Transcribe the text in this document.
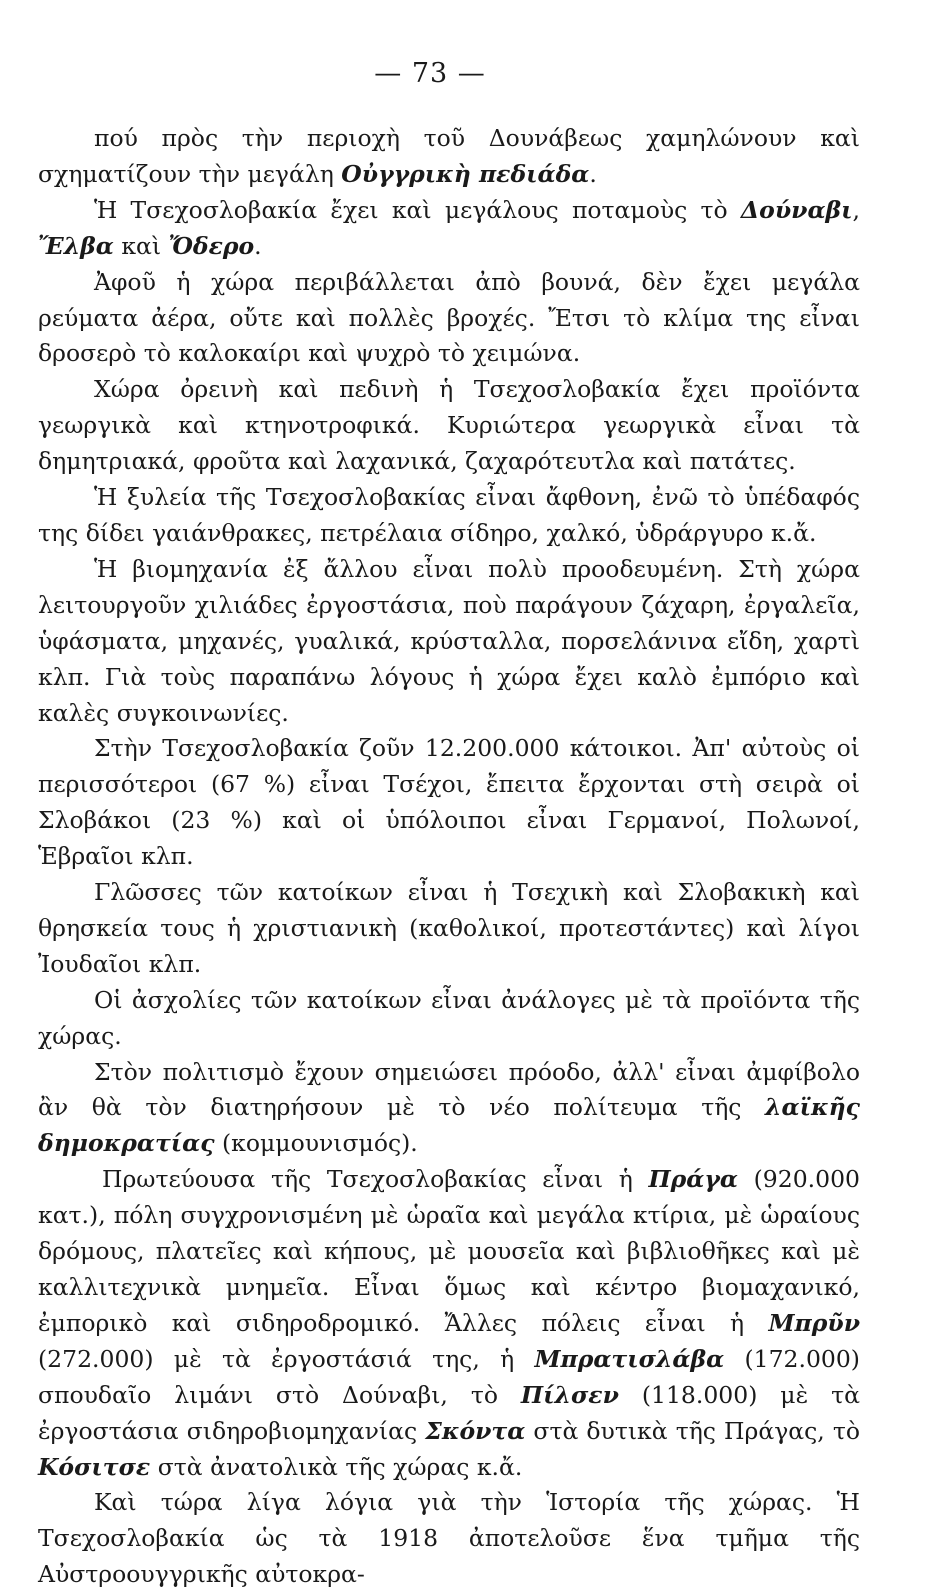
— 73 —

πού πρὸς τὴν περιοχὴ τοῦ Δουνάβεως χαμηλώνουν καὶ σχηματίζουν τὴν μεγάλη Οὐγγρικὴ πεδιάδα.

Ἡ Τσεχοσλοβακία ἔχει καὶ μεγάλους ποταμοὺς τὸ Δούναβι, Ἔλβα καὶ Ὄδερο.

Ἀφοῦ ἡ χώρα περιβάλλεται ἀπὸ βουνά, δὲν ἔχει μεγάλα ρεύματα ἀέρα, οὔτε καὶ πολλὲς βροχές. Ἔτσι τὸ κλίμα της εἶναι δροσερὸ τὸ καλοκαίρι καὶ ψυχρὸ τὸ χειμώνα.

Χώρα ὀρεινὴ καὶ πεδινὴ ἡ Τσεχοσλοβακία ἔχει προϊόντα γεωργικὰ καὶ κτηνοτροφικά. Κυριώτερα γεωργικὰ εἶναι τὰ δημητριακά, φροῦτα καὶ λαχανικά, ζαχαρότευτλα καὶ πατάτες.

Ἡ ξυλεία τῆς Τσεχοσλοβακίας εἶναι ἄφθονη, ἐνῶ τὸ ὑπέδαφός της δίδει γαιάνθρακες, πετρέλαια σίδηρο, χαλκό, ὑδράργυρο κ.ἄ.

Ἡ βιομηχανία ἐξ ἄλλου εἶναι πολὺ προοδευμένη. Στὴ χώρα λειτουργοῦν χιλιάδες ἐργοστάσια, ποὺ παράγουν ζάχαρη, ἐργαλεῖα, ὑφάσματα, μηχανές, γυαλικά, κρύσταλλα, πορσελάνινα εἴδη, χαρτὶ κλπ. Γιὰ τοὺς παραπάνω λόγους ἡ χώρα ἔχει καλὸ ἐμπόριο καὶ καλὲς συγκοινωνίες.

Στὴν Τσεχοσλοβακία ζοῦν 12.200.000 κάτοικοι. Ἀπ' αὐτοὺς οἱ περισσότεροι (67 %) εἶναι Τσέχοι, ἔπειτα ἔρχονται στὴ σειρὰ οἱ Σλοβάκοι (23 %) καὶ οἱ ὑπόλοιποι εἶναι Γερμανοί, Πολωνοί, Ἑβραῖοι κλπ.

Γλῶσσες τῶν κατοίκων εἶναι ἡ Τσεχικὴ καὶ Σλοβακικὴ καὶ θρησκεία τους ἡ χριστιανικὴ (καθολικοί, προτεστάντες) καὶ λίγοι Ἰουδαῖοι κλπ.

Οἱ ἀσχολίες τῶν κατοίκων εἶναι ἀνάλογες μὲ τὰ προϊόντα τῆς χώρας.

Στὸν πολιτισμὸ ἔχουν σημειώσει πρόοδο, ἀλλ' εἶναι ἀμφίβολο ἂν θὰ τὸν διατηρήσουν μὲ τὸ νέο πολίτευμα τῆς λαϊκῆς δημοκρατίας (κομμουνισμός).

Πρωτεύουσα τῆς Τσεχοσλοβακίας εἶναι ἡ Πράγα (920.000 κατ.), πόλη συγχρονισμένη μὲ ὡραῖα καὶ μεγάλα κτίρια, μὲ ὡραίους δρόμους, πλατεῖες καὶ κήπους, μὲ μουσεῖα καὶ βιβλιοθῆκες καὶ μὲ καλλιτεχνικὰ μνημεῖα. Εἶναι ὅμως καὶ κέντρο βιομαχανικό, ἐμπορικὸ καὶ σιδηροδρομικό. Ἄλλες πόλεις εἶναι ἡ Μπρῦν (272.000) μὲ τὰ ἐργοστάσιά της, ἡ Μπρατισλάβα (172.000) σπουδαῖο λιμάνι στὸ Δούναβι, τὸ Πίλσεν (118.000) μὲ τὰ ἐργοστάσια σιδηροβιομηχανίας Σκόντα στὰ δυτικὰ τῆς Πράγας, τὸ Κόσιτσε στὰ ἀνατολικὰ τῆς χώρας κ.ἄ.

Καὶ τώρα λίγα λόγια γιὰ τὴν Ἱστορία τῆς χώρας. Ἡ Τσεχοσλοβακία ὡς τὰ 1918 ἀποτελοῦσε ἕνα τμῆμα τῆς Αὐστροουγγρικῆς αὐτοκρα-
